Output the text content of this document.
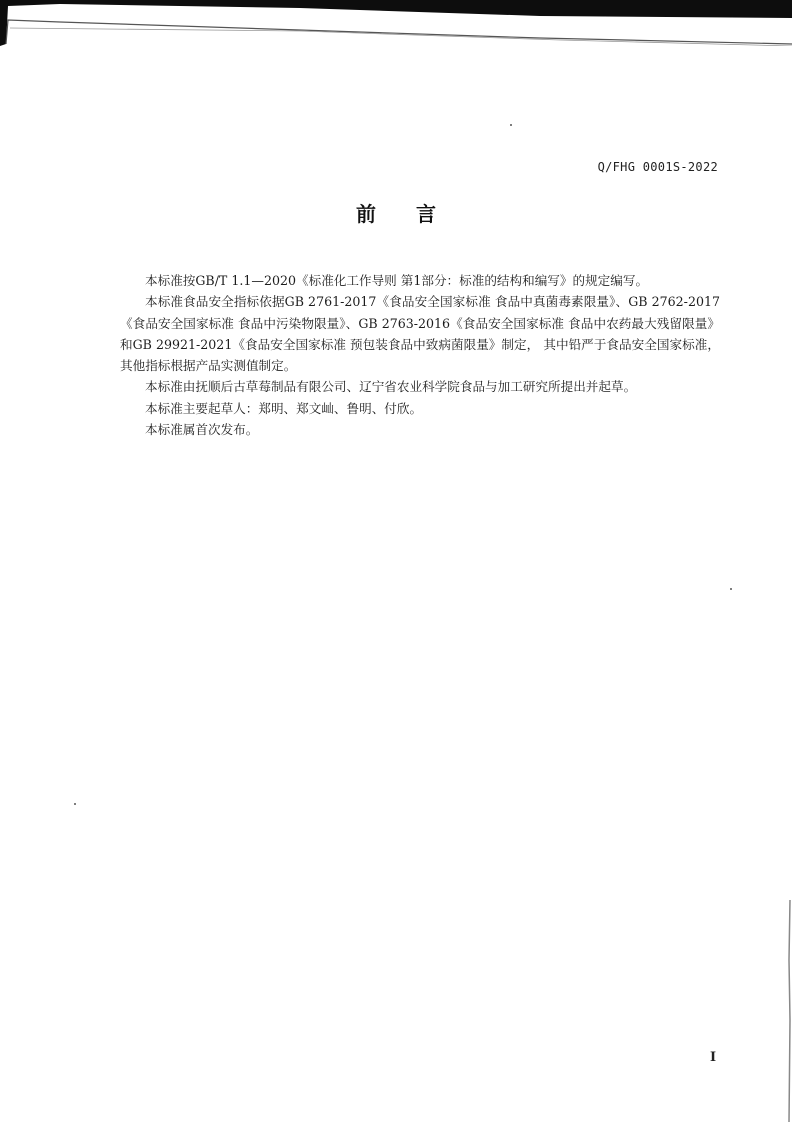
Q/FHG 0001S-2022
前言

本标准按GB/T 1.1—2020《标准化工作导则 第1部分：标准的结构和编写》的规定编写。

本标准食品安全指标依据GB 2761-2017《食品安全国家标准 食品中真菌毒素限量》、GB 2762-2017《食品安全国家标准 食品中污染物限量》、GB 2763-2016《食品安全国家标准 食品中农药最大残留限量》和GB 29921-2021《食品安全国家标准 预包装食品中致病菌限量》制定， 其中铅严于食品安全国家标准，其他指标根据产品实测值制定。

本标准由抚顺后古草莓制品有限公司、辽宁省农业科学院食品与加工研究所提出并起草。

本标准主要起草人：郑明、郑文屾、鲁明、付欣。

本标准属首次发布。

I
